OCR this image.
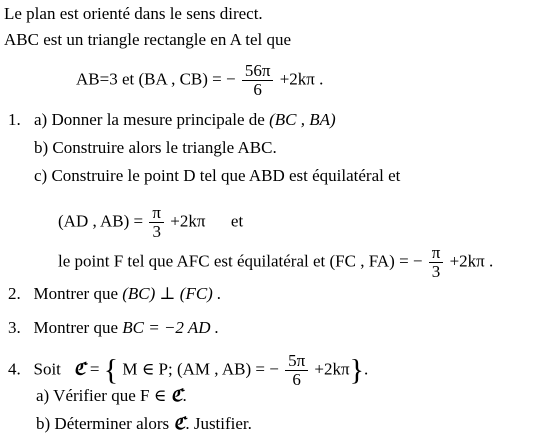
Le plan est orienté dans le sens direct.
ABC est un triangle rectangle en A tel que
AB=3 et (BA , CB) = − $\frac{56\pi}{6} +2k\pi$ .
1. a) Donner la mesure principale de (BC , BA)
b) Construire alors le triangle ABC.
c) Construire le point D tel que ABD est équilatéral et
(AD , $AB) = \frac{\pi}{3} +2k\pi$      et
le point F tel que AFC est équilatéral et (FC , FA) = − $\frac{\pi}{3} +2k\pi$ .
2. Montrer que (BC) ⊥ (FC) .
3. Montrer que BC = −2 AD .
4. Soit ℭ = { M ∈ P; (AM , AB) = − $\frac{5\pi}{6} +2k\pi$}.
a) Vérifier que F ∈ ℭ.
b) Déterminer alors ℭ. Justifier.
